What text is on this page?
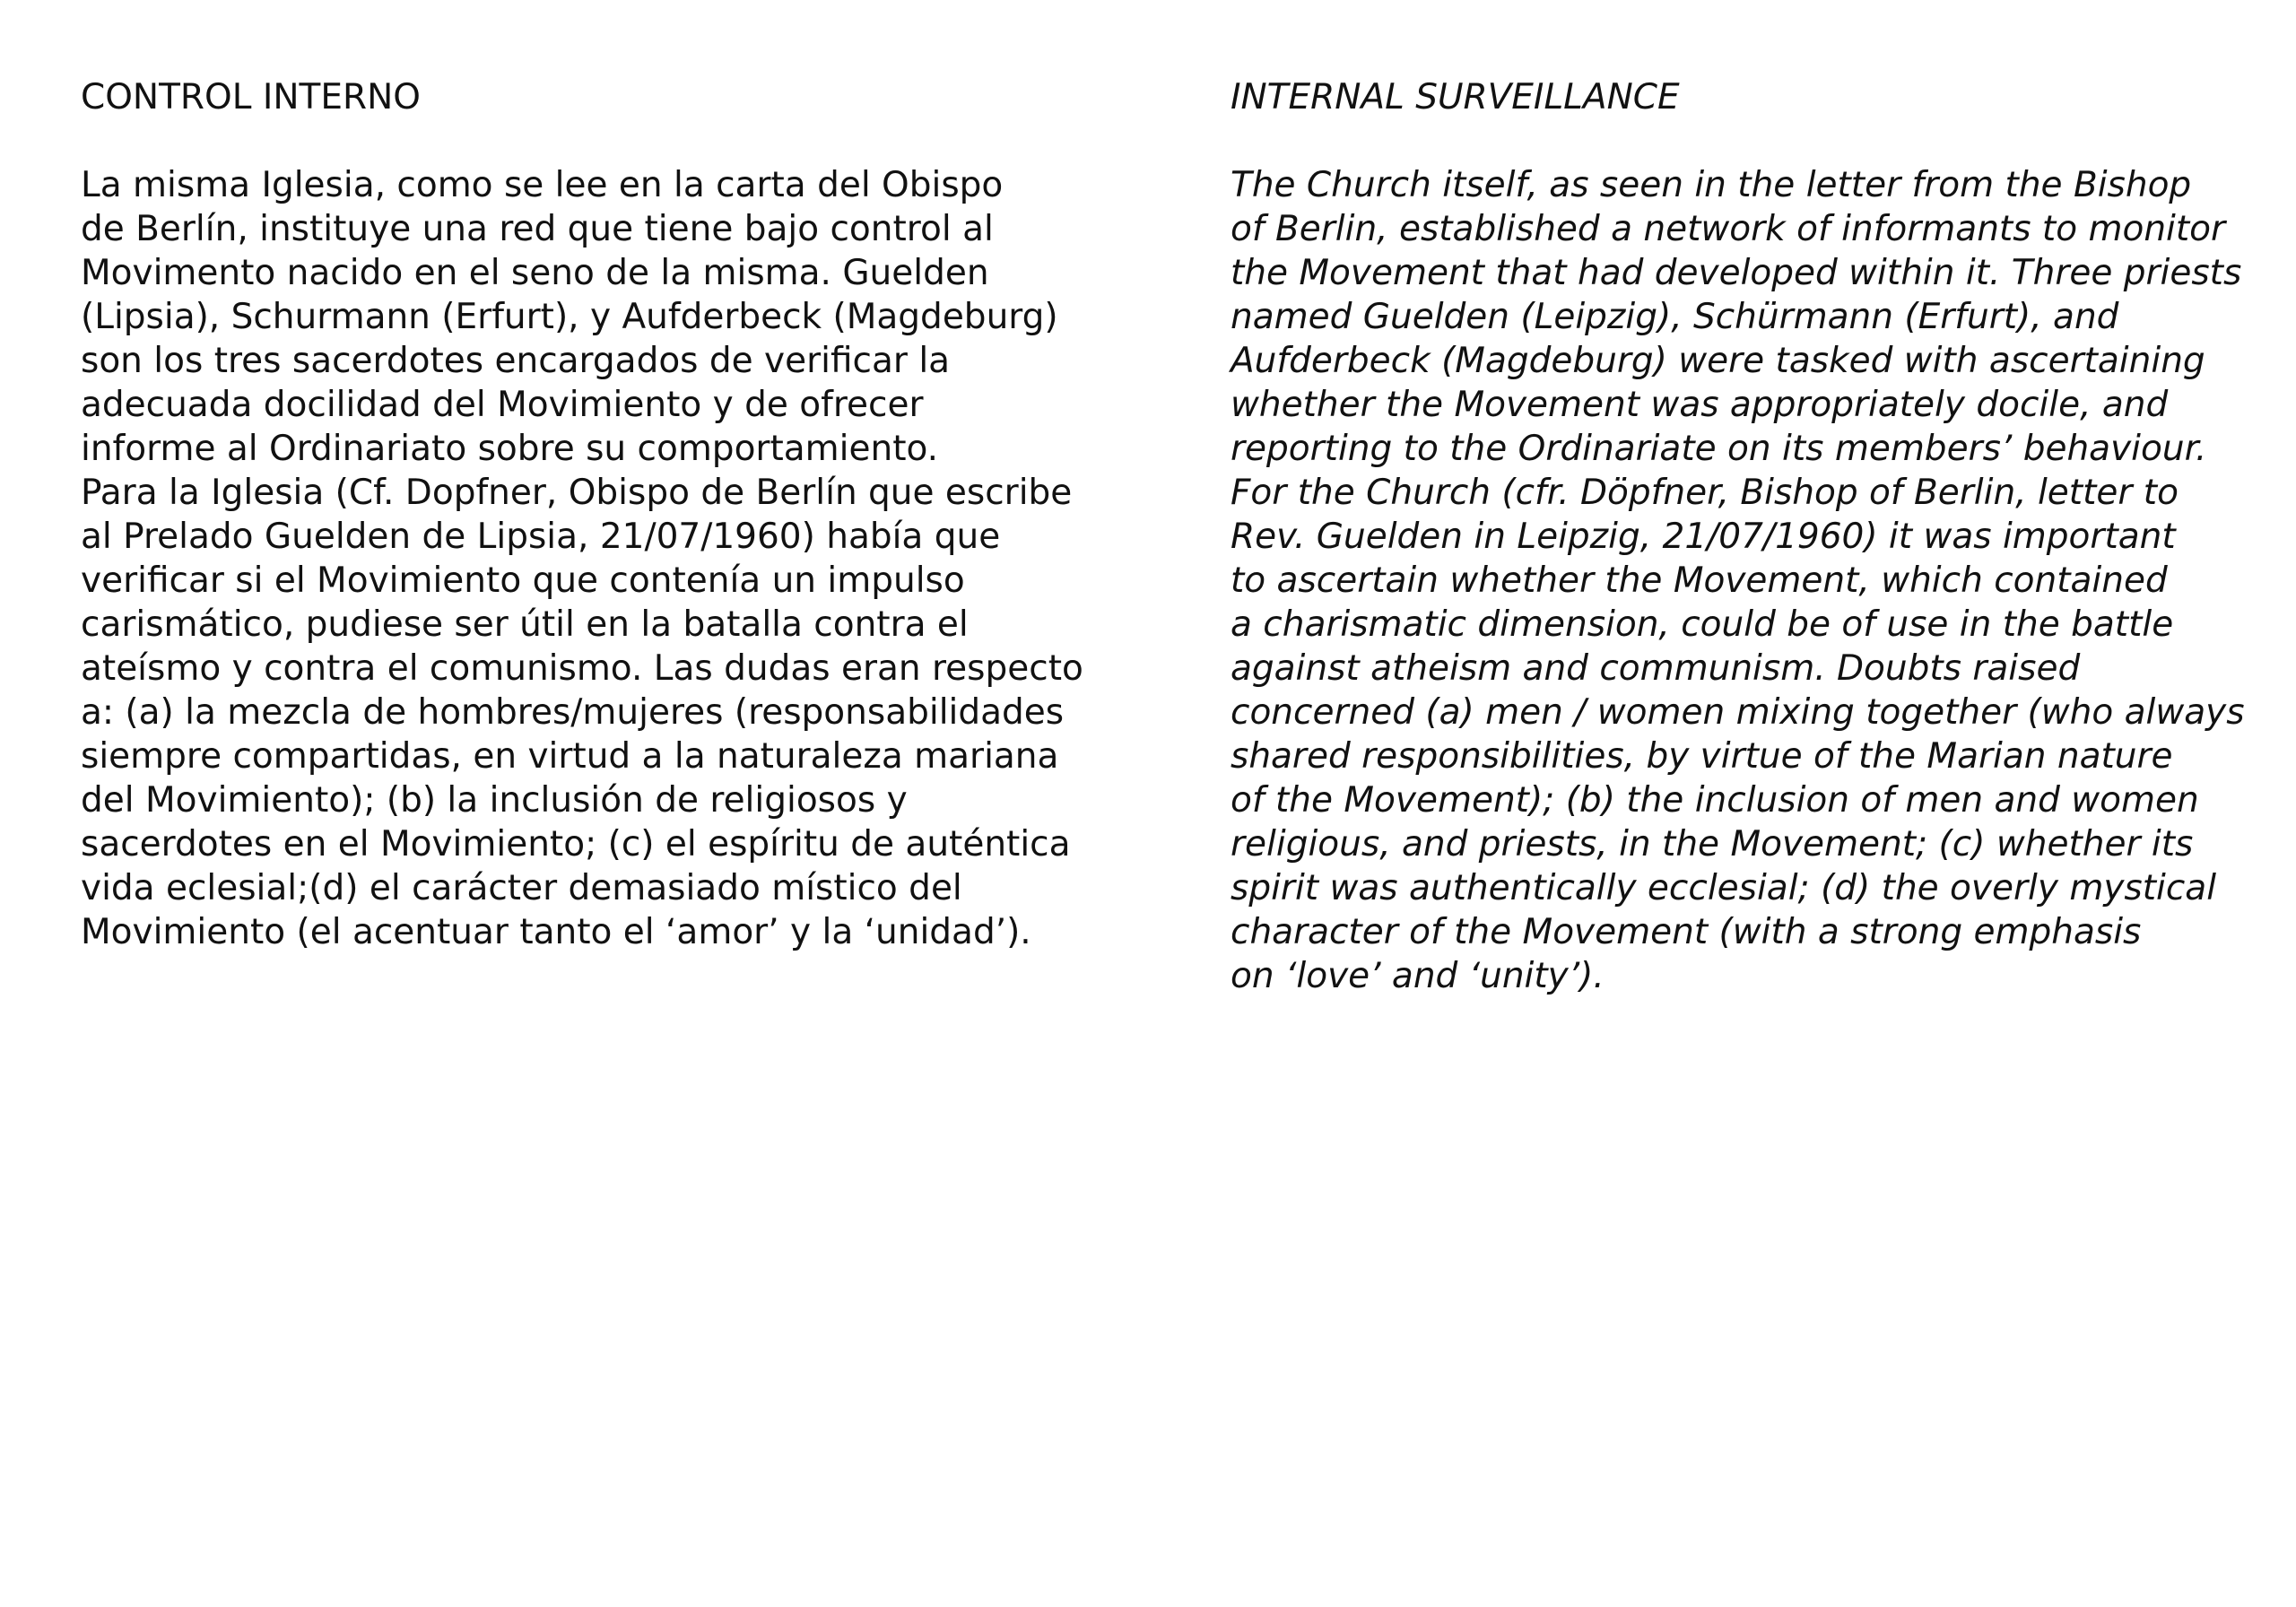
CONTROL INTERNO
La misma Iglesia, como se lee en la carta del Obispo
de Berlín, instituye una red que tiene bajo control al
Movimento nacido en el seno de la misma. Guelden
(Lipsia), Schurmann (Erfurt), y Aufderbeck (Magdeburg)
son los tres sacerdotes encargados de verificar la
adecuada docilidad del Movimiento y de ofrecer
informe al Ordinariato sobre su comportamiento.
Para la Iglesia (Cf. Dopfner, Obispo de Berlín que escribe
al Prelado Guelden de Lipsia, 21/07/1960) había que
verificar si el Movimiento que contenía un impulso
carismático, pudiese ser útil en la batalla contra el
ateísmo y contra el comunismo. Las dudas eran respecto
a: (a) la mezcla de hombres/mujeres (responsabilidades
siempre compartidas, en virtud a la naturaleza mariana
del Movimiento); (b) la inclusión de religiosos y
sacerdotes en el Movimiento; (c) el espíritu de auténtica
vida eclesial;(d) el carácter demasiado místico del
Movimiento (el acentuar tanto el ‘amor’ y la ‘unidad’).
INTERNAL SURVEILLANCE
The Church itself, as seen in the letter from the Bishop
of Berlin, established a network of informants to monitor
the Movement that had developed within it. Three priests
named Guelden (Leipzig), Schürmann (Erfurt), and
Aufderbeck (Magdeburg) were tasked with ascertaining
whether the Movement was appropriately docile, and
reporting to the Ordinariate on its members’ behaviour.
For the Church (cfr. Döpfner, Bishop of Berlin, letter to
Rev. Guelden in Leipzig, 21/07/1960) it was important
to ascertain whether the Movement, which contained
a charismatic dimension, could be of use in the battle
against atheism and communism. Doubts raised
concerned (a) men / women mixing together (who always
shared responsibilities, by virtue of the Marian nature
of the Movement); (b) the inclusion of men and women
religious, and priests, in the Movement; (c) whether its
spirit was authentically ecclesial; (d) the overly mystical
character of the Movement (with a strong emphasis
on ‘love’ and ‘unity’).
